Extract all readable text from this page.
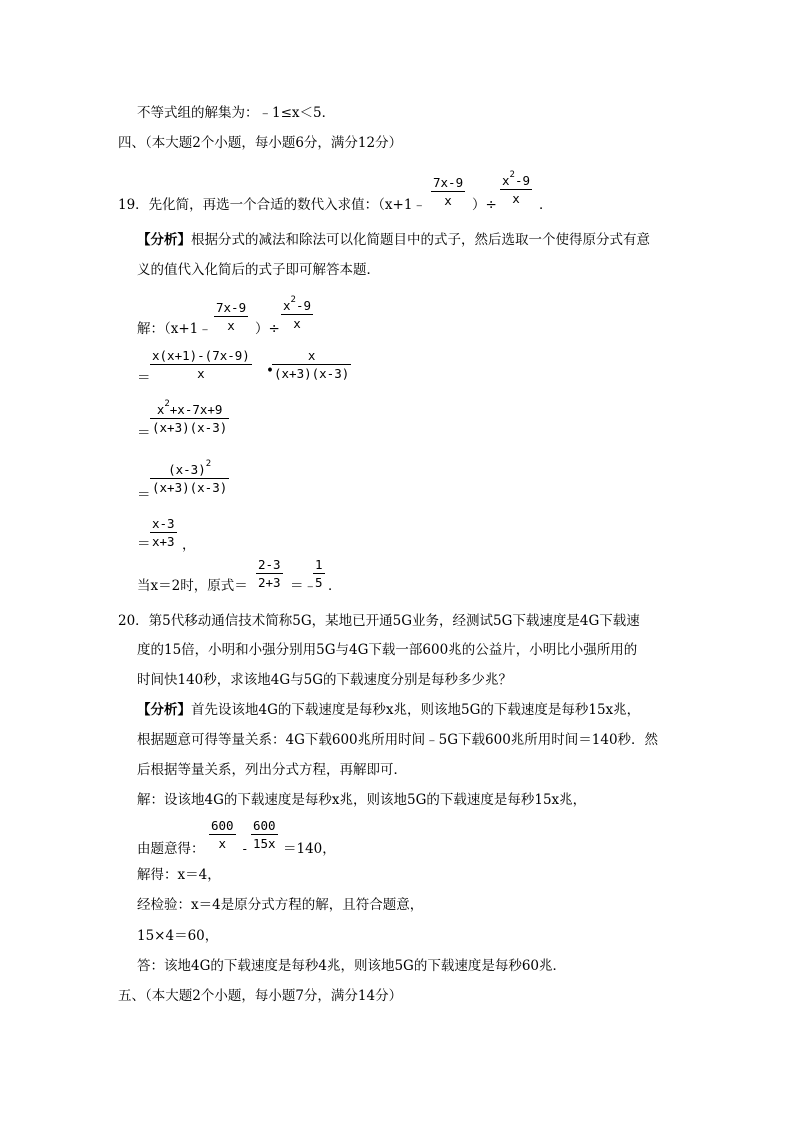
不等式组的解集为：﹣1≤x＜5．
四、（本大题2个小题，每小题6分，满分12分）
19．先化简，再选一个合适的数代入求值：（x+1﹣
7x-9
x	）÷
$x^2-9$
x	．
【分析】根据分式的减法和除法可以化简题目中的式子，然后选取一个使得原分式有意
义的值代入化简后的式子即可解答本题．
解：（x+1﹣
7x-9
x	）÷
$x^2-9$
x
＝
x(x+1)-(7x-9)
x	•
x
(x+3)(x-3)
＝
$x^2+x-7x+9$
(x+3)(x-3)
＝
$(x-3)^2$
(x+3)(x-3)
＝
x-3
x+3 ，
当x＝2时，原式＝
2-3
2+3 ＝﹣
1
5 ．
20．第5代移动通信技术简称5G，某地已开通5G业务，经测试5G下载速度是4G下载速
度的15倍，小明和小强分别用5G与4G下载一部600兆的公益片，小明比小强所用的
时间快140秒，求该地4G与5G的下载速度分别是每秒多少兆？
【分析】首先设该地4G的下载速度是每秒x兆，则该地5G的下载速度是每秒15x兆，
根据题意可得等量关系：4G下载600兆所用时间﹣5G下载600兆所用时间＝140秒．然
后根据等量关系，列出分式方程，再解即可．
解：设该地4G的下载速度是每秒x兆，则该地5G的下载速度是每秒15x兆，
由题意得：
600
x	-
600
15x ＝140，
解得：x＝4，
经检验：x＝4是原分式方程的解，且符合题意，
15×4＝60，
答：该地4G的下载速度是每秒4兆，则该地5G的下载速度是每秒60兆．
五、（本大题2个小题，每小题7分，满分14分）
